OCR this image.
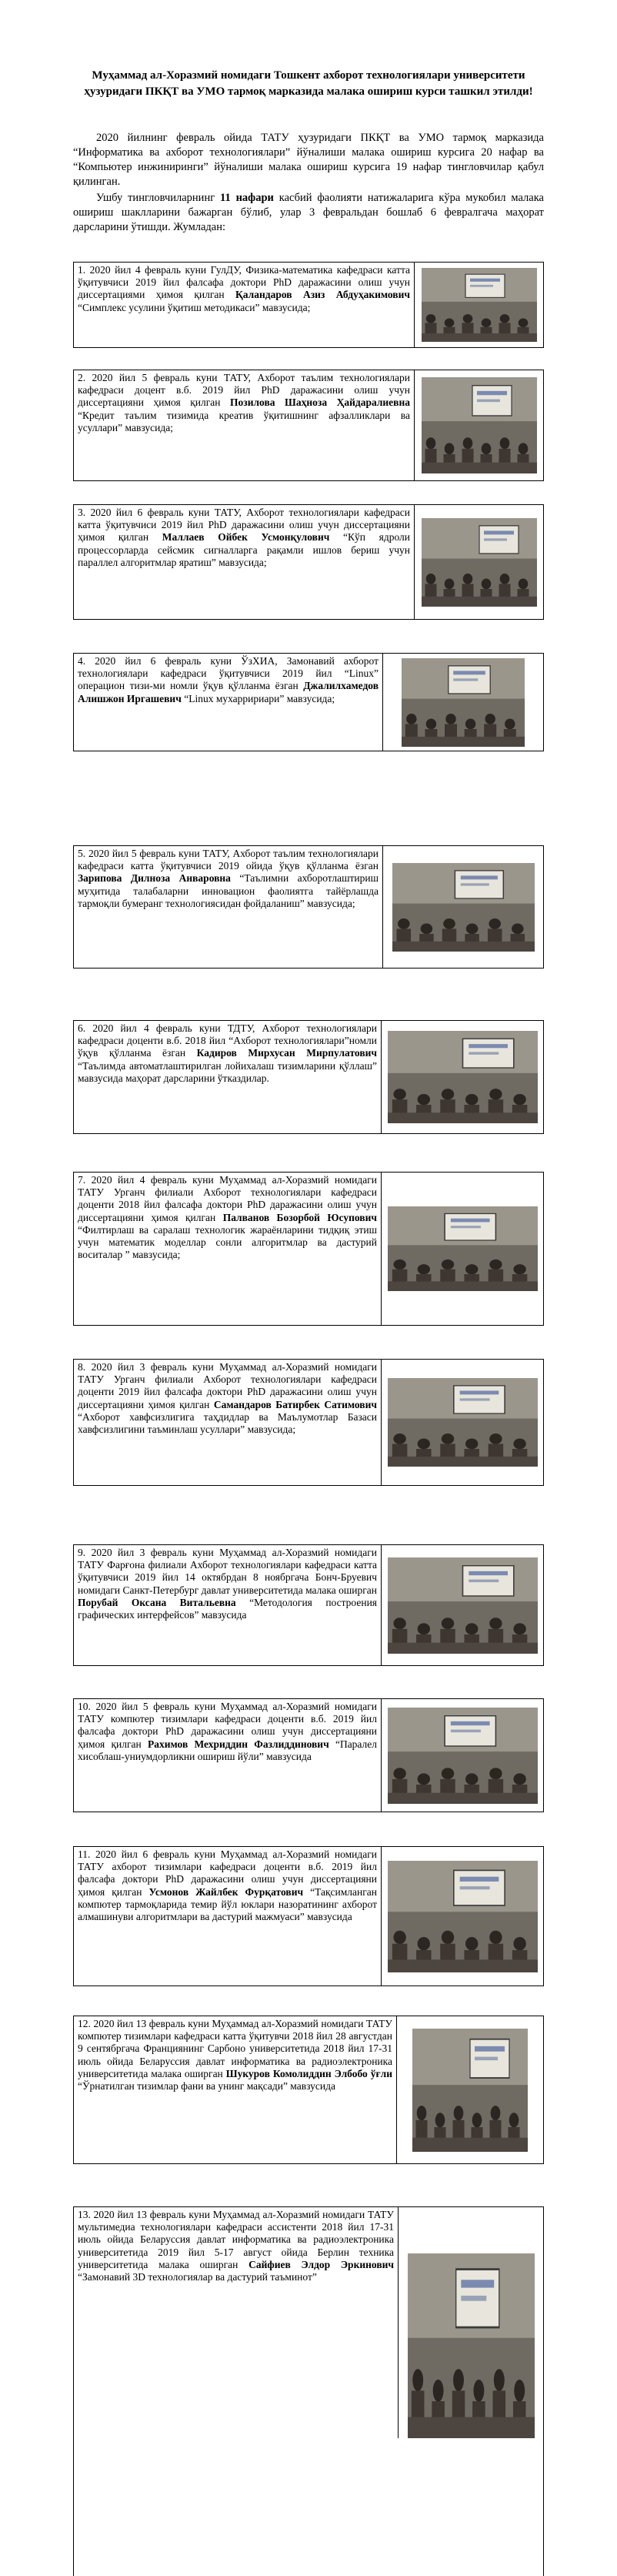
Муҳаммад ал-Хоразмий номидаги Тошкент ахборот технологиялари университети ҳузуридаги ПКҚТ ва УМО тармоқ марказида малака ошириш курси ташкил этилди!
2020 йилнинг февраль ойида ТАТУ ҳузуридаги ПКҚТ ва УМО тармоқ марказида “Информатика ва ахборот технологиялари” йўналиши малака ошириш курсига 20 нафар ва “Компьютер инжиниринги” йўналиши малака ошириш курсига 19 нафар тингловчилар қабул қилинган.
Ушбу тингловчиларнинг 11 нафари касбий фаолияти натижаларига кўра мукобил малака ошириш шаклларини бажарган бўлиб, улар 3 февральдан бошлаб 6 февралгача маҳорат дарсларини ўтишди. Жумладан:
1. 2020 йил 4 февраль куни ГулДУ, Физика-математика кафедраси катта ўқитувчиси 2019 йил фалсафа доктори PhD даражасини олиш учун диссертациями ҳимоя қилган Қаландаров Азиз Абдуҳакимович “Симплекс усулини ўқитиш методикаси” мавзусида;
2. 2020 йил 5 февраль куни ТАТУ, Ахборот таълим технологиялари кафедраси доцент в.б. 2019 йил PhD даражасини олиш учун диссертацияни ҳимоя қилган Позилова Шаҳноза Ҳайдаралиевна “Кредит таълим тизимида креатив ўқитишнинг афзалликлари ва усуллари” мавзусида;
3. 2020 йил 6 февраль куни ТАТУ, Ахборот технологиялари кафедраси катта ўқитувчиси 2019 йил PhD даражасини олиш учун диссертацияни ҳимоя қилган Маллаев Ойбек Усмонқулович “Кўп ядроли процессорларда сейсмик сигналларга рақамли ишлов бериш учун параллел алгоритмлар яратиш” мавзусида;
4. 2020 йил 6 февраль куни ЎзХИА, Замонавий ахборот технологиялари кафедраси ўқитувчиси 2019 йил “Linux” операцион тизи-ми номли ўқув қўлланма ёзган Джалилхамедов Алишжон Иргашевич “Linux мухарририари” мавзусида;
5. 2020 йил 5 февраль куни ТАТУ, Ахборот таълим технологиялари кафедраси катта ўқитувчиси 2019 ойида ўқув қўлланма ёзган Зарипова Дилноза Анваровна “Таълимни ахборотлаштириш муҳитида талабаларни инновацион фаолиятга тайёрлашда тармоқли бумеранг технологиясидан фойдаланиш” мавзусида;
6. 2020 йил 4 февраль куни ТДТУ, Ахборот технологиялари кафедраси доценти в.б. 2018 йил “Ахборот технологиялари”номли ўқув қўлланма ёзган Кадиров Мирхусан Мирпулатович “Таълимда автоматлаштирилган лойихалаш тизимларини қўллаш” мавзусида маҳорат дарсларини ўтказдилар.
7. 2020 йил 4 февраль куни Муҳаммад ал-Хоразмий номидаги ТАТУ Урганч филиали Ахборот технологиялари кафедраси доценти 2018 йил фалсафа доктори PhD даражасини олиш учун диссертацияни ҳимоя қилган Палванов Бозорбой Юсупович “Филтирлаш ва саралаш технологик жараёнларини тидқиқ этиш учун математик моделлар сонли алгоритмлар ва дастурий воситалар ” мавзусида;
8. 2020 йил 3 февраль куни Муҳаммад ал-Хоразмий номидаги ТАТУ Урганч филиали Ахборот технологиялари кафедраси доценти 2019 йил фалсафа доктори PhD даражасини олиш учун диссертацияни ҳимоя қилган Самандаров Батирбек Сатимович “Ахборот хавфсизлигига таҳдидлар ва Маълумотлар Базаси хавфсизлигини таъминлаш усуллари” мавзусида;
9. 2020 йил 3 февраль куни Муҳаммад ал-Хоразмий номидаги ТАТУ Фарғона филиали Ахборот технологиялари кафедраси катта ўқитувчиси 2019 йил 14 октябрдан 8 ноябргача Бонч-Бруевич номидаги Санкт-Петербург давлат университетида малака оширган Порубай Оксана Витальевна “Методология построения графических интерфейсов” мавзусида
10. 2020 йил 5 февраль куни Муҳаммад ал-Хоразмий номидаги ТАТУ компютер тизимлари кафедраси доценти в.б. 2019 йил фалсафа доктори PhD даражасини олиш учун диссертацияни ҳимоя қилган Рахимов Мехриддин Фазлиддинович “Паралел хисоблаш-униумдорликни ошириш йўли” мавзусида
11. 2020 йил 6 февраль куни Муҳаммад ал-Хоразмий номидаги ТАТУ ахборот тизимлари кафедраси доценти в.б. 2019 йил фалсафа доктори PhD даражасини олиш учун диссертацияни ҳимоя қилган Усмонов Жайлбек Фурқатович “Тақсимланган компютер тармоқларида темир йўл юклари назоратининг ахборот алмашинуви алгоритмлари ва дастурий мажмуаси” мавзусида
12. 2020 йил 13 февраль куни Муҳаммад ал-Хоразмий номидаги ТАТУ компютер тизимлари кафедраси катта ўқитувчи 2018 йил 28 августдан 9 сентябргача Франциянинг Сарбоно университетида 2018 йил 17-31 июль ойида Беларуссия давлат информатика ва радиоэлектроника университетида малака оширган Шукуров Комолиддин Элбобо ўғли “Ўрнатилган тизимлар фани ва унинг мақсади” мавзусида
13. 2020 йил 13 февраль куни Муҳаммад ал-Хоразмий номидаги ТАТУ мультимедиа технологиялари кафедраси ассистенти 2018 йил 17-31 июль ойида Беларуссия давлат информатика ва радиоэлектроника университетида 2019 йил 5-17 август ойида Берлин техника университетида малака оширган Сайфиев Элдор Эркинович “Замонавий 3D технологиялар ва дастурий таъминот”
